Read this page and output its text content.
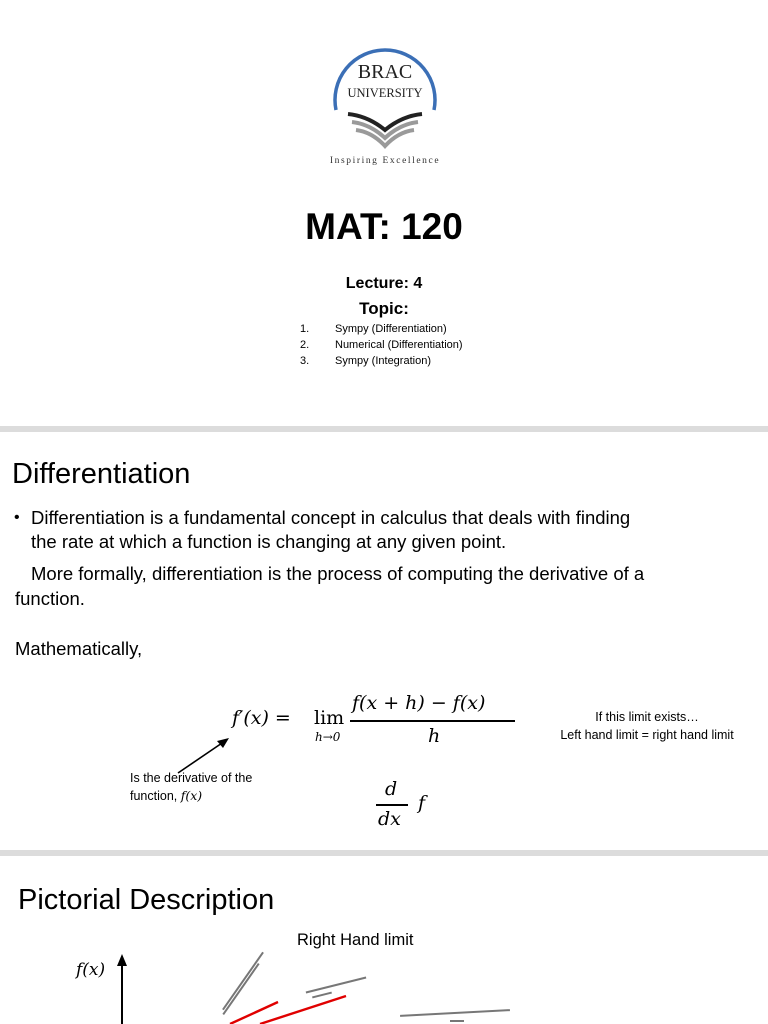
BRAC
UNIVERSITY
Inspiring Excellence
MAT: 120
Lecture: 4
Topic:
1.	Sympy (Differentiation)
2.	Numerical (Differentiation)
3.	Sympy (Integration)
Differentiation
• Differentiation is a fundamental concept in calculus that deals with finding
the rate at which a function is changing at any given point.
More formally, differentiation is the process of computing the derivative of a
function.
Mathematically,
f′(x) = lim
h→0
f(x + h) − f(x)
h
If this limit exists…
Left hand limit = right hand limit
Is the derivative of the
function, f(x)	d
dx
f
Pictorial Description
Right Hand limit
f(x)
